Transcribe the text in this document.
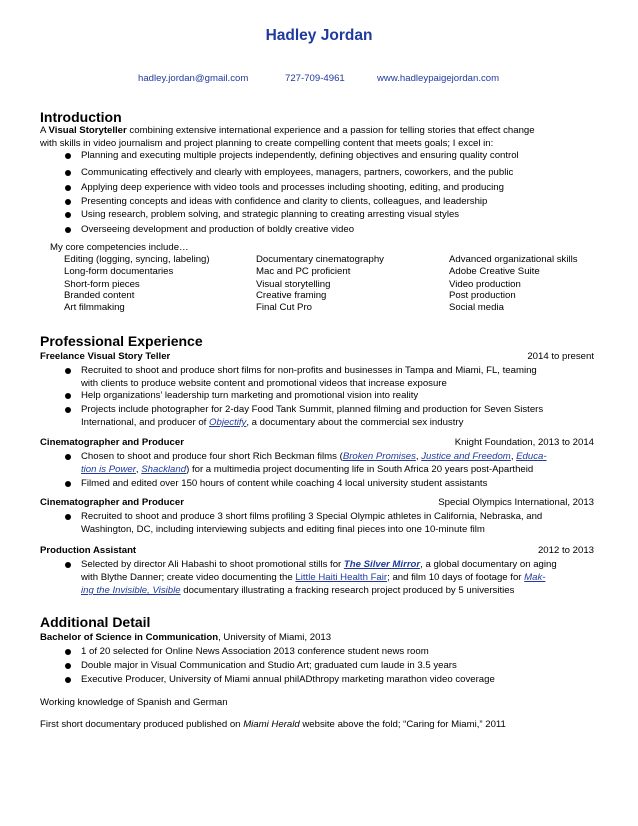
Hadley Jordan
hadley.jordan@gmail.com	727-709-4961	www.hadleypaigejordan.com
Introduction
A Visual Storyteller combining extensive international experience and a passion for telling stories that effect change
with skills in video journalism and project planning to create compelling content that meets goals; I excel in:
Planning and executing multiple projects independently, defining objectives and ensuring quality control
Communicating effectively and clearly with employees, managers, partners, coworkers, and the public
Applying deep experience with video tools and processes including shooting, editing, and producing
Presenting concepts and ideas with confidence and clarity to clients, colleagues, and leadership
Using research, problem solving, and strategic planning to creating arresting visual styles
Overseeing development and production of boldly creative video
My core competencies include…
Editing (logging, syncing, labeling)	Documentary cinematography	Advanced organizational skills
Long-form documentaries	Mac and PC proficient	Adobe Creative Suite
Short-form pieces	Visual storytelling	Video production
Branded content	Creative framing	Post production
Art filmmaking	Final Cut Pro	Social media
Professional Experience
Freelance Visual Story Teller	2014 to present
Recruited to shoot and produce short films for non-profits and businesses in Tampa and Miami, FL, teaming
with clients to produce website content and promotional videos that increase exposure
Help organizations’ leadership turn marketing and promotional vision into reality
Projects include photographer for 2-day Food Tank Summit, planned filming and production for Seven Sisters
International, and producer of Objectify, a documentary about the commercial sex industry
Cinematographer and Producer	Knight Foundation, 2013 to 2014
Chosen to shoot and produce four short Rich Beckman films (Broken Promises, Justice and Freedom, Educa-
tion is Power, Shackland) for a multimedia project documenting life in South Africa 20 years post-Apartheid
Filmed and edited over 150 hours of content while coaching 4 local university student assistants
Cinematographer and Producer	Special Olympics International, 2013
Recruited to shoot and produce 3 short films profiling 3 Special Olympic athletes in California, Nebraska, and
Washington, DC, including interviewing subjects and editing final pieces into one 10-minute film
Production Assistant	2012 to 2013
Selected by director Ali Habashi to shoot promotional stills for The Silver Mirror, a global documentary on aging
with Blythe Danner; create video documenting the Little Haiti Health Fair; and film 10 days of footage for Mak-
ing the Invisible, Visible documentary illustrating a fracking research project produced by 5 universities
Additional Detail
Bachelor of Science in Communication, University of Miami, 2013
1 of 20 selected for Online News Association 2013 conference student news room
Double major in Visual Communication and Studio Art; graduated cum laude in 3.5 years
Executive Producer, University of Miami annual philADthropy marketing marathon video coverage
Working knowledge of Spanish and German
First short documentary produced published on Miami Herald website above the fold; “Caring for Miami,” 2011
